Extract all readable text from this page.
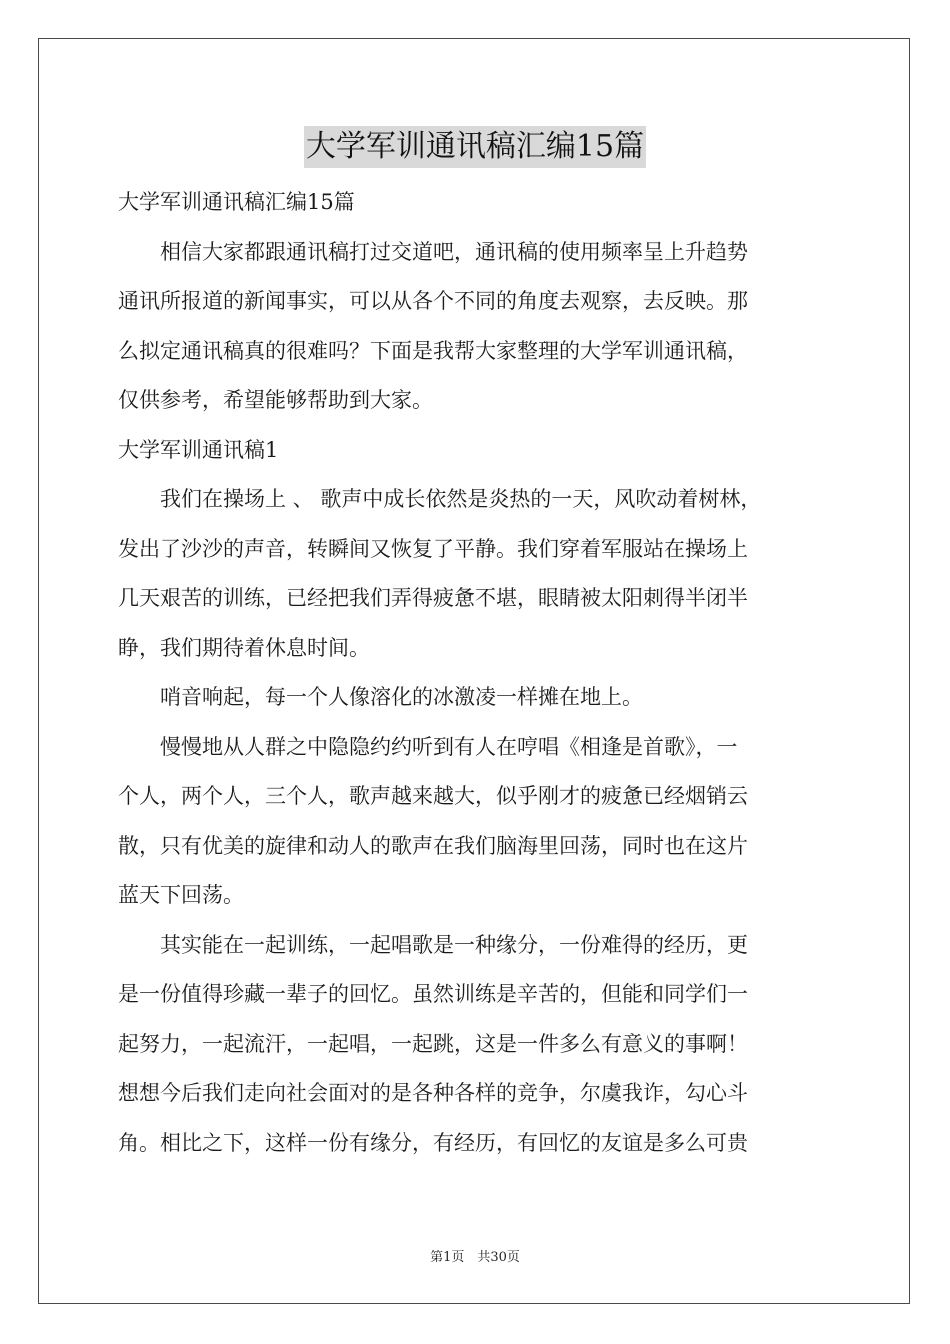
大学军训通讯稿汇编15篇
大学军训通讯稿汇编15篇
　　相信大家都跟通讯稿打过交道吧，通讯稿的使用频率呈上升趋势
通讯所报道的新闻事实，可以从各个不同的角度去观察，去反映。那
么拟定通讯稿真的很难吗？下面是我帮大家整理的大学军训通讯稿，
仅供参考，希望能够帮助到大家。
大学军训通讯稿1
　　我们在操场上 、 歌声中成长依然是炎热的一天，风吹动着树林，
发出了沙沙的声音，转瞬间又恢复了平静。我们穿着军服站在操场上
几天艰苦的训练，已经把我们弄得疲惫不堪，眼睛被太阳刺得半闭半
睁，我们期待着休息时间。
　　哨音响起，每一个人像溶化的冰激凌一样摊在地上。
　　慢慢地从人群之中隐隐约约听到有人在哼唱《相逢是首歌》，一
个人，两个人，三个人，歌声越来越大，似乎刚才的疲惫已经烟销云
散，只有优美的旋律和动人的歌声在我们脑海里回荡，同时也在这片
蓝天下回荡。
　　其实能在一起训练，一起唱歌是一种缘分，一份难得的经历，更
是一份值得珍藏一辈子的回忆。虽然训练是辛苦的，但能和同学们一
起努力，一起流汗，一起唱，一起跳，这是一件多么有意义的事啊！
想想今后我们走向社会面对的是各种各样的竞争，尔虞我诈，勾心斗
角。相比之下，这样一份有缘分，有经历，有回忆的友谊是多么可贵
第1页　共30页
